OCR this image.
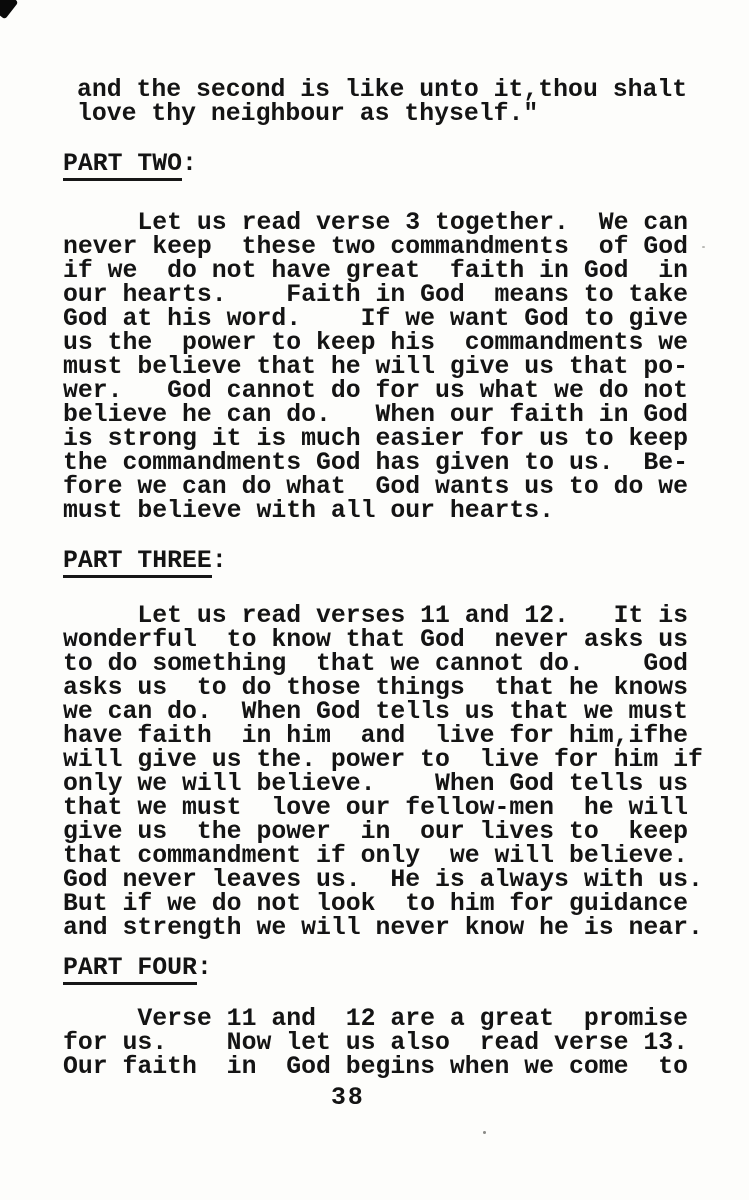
and the second is like unto it,thou shalt
love thy neighbour as thyself."
PART TWO:
Let us read verse 3 together.  We can
never keep  these two commandments  of God
if we  do not have great  faith in God  in
our hearts.    Faith in God  means to take
God at his word.    If we want God to give
us the  power to keep his  commandments we
must believe that he will give us that po-
wer.   God cannot do for us what we do not
believe he can do.   When our faith in God
is strong it is much easier for us to keep
the commandments God has given to us.  Be-
fore we can do what  God wants us to do we
must believe with all our hearts.
PART THREE:
Let us read verses 11 and 12.   It is
wonderful  to know that God  never asks us
to do something  that we cannot do.    God
asks us  to do those things  that he knows
we can do.  When God tells us that we must
have faith  in him  and  live for him,ifhe
will give us the. power to  live for him if
only we will believe.    When God tells us
that we must  love our fellow-men  he will
give us  the power  in  our lives to  keep
that commandment if only  we will believe.
God never leaves us.  He is always with us.
But if we do not look  to him for guidance
and strength we will never know he is near.
PART FOUR:
Verse 11 and  12 are a great  promise
for us.    Now let us also  read verse 13.
Our faith  in  God begins when we come  to
38
